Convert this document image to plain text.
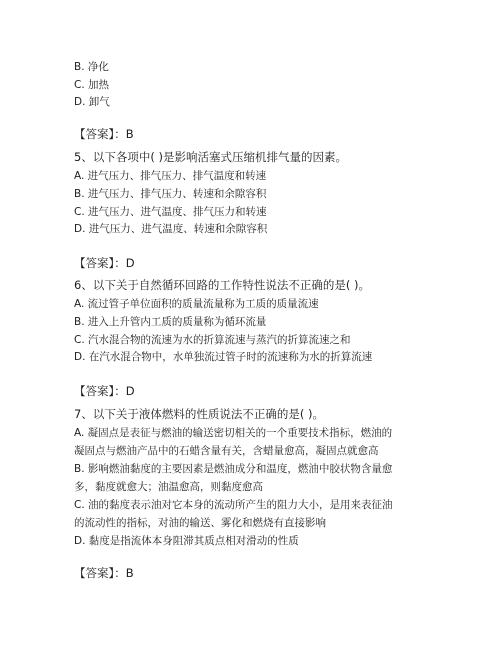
B. 净化
C. 加热
D. 卸气
【答案】：B
5、以下各项中( )是影响活塞式压缩机排气量的因素。
A. 进气压力、排气压力、排气温度和转速
B. 进气压力、排气压力、转速和余隙容积
C. 进气压力、进气温度、排气压力和转速
D. 进气压力、进气温度、转速和余隙容积
【答案】：D
6、以下关于自然循环回路的工作特性说法不正确的是( )。
A. 流过管子单位面积的质量流量称为工质的质量流速
B. 进入上升管内工质的质量称为循环流量
C. 汽水混合物的流速为水的折算流速与蒸汽的折算流速之和
D. 在汽水混合物中，水单独流过管子时的流速称为水的折算流速
【答案】：D
7、以下关于液体燃料的性质说法不正确的是( )。
A. 凝固点是表征与燃油的输送密切相关的一个重要技术指标，燃油的
凝固点与燃油产品中的石蜡含量有关，含蜡量愈高，凝固点就愈高
B. 影响燃油黏度的主要因素是燃油成分和温度，燃油中胶状物含量愈
多，黏度就愈大；油温愈高，则黏度愈高
C. 油的黏度表示油对它本身的流动所产生的阻力大小，是用来表征油
的流动性的指标，对油的输送、雾化和燃烧有直接影响
D. 黏度是指流体本身阻滞其质点相对滑动的性质
【答案】：B
